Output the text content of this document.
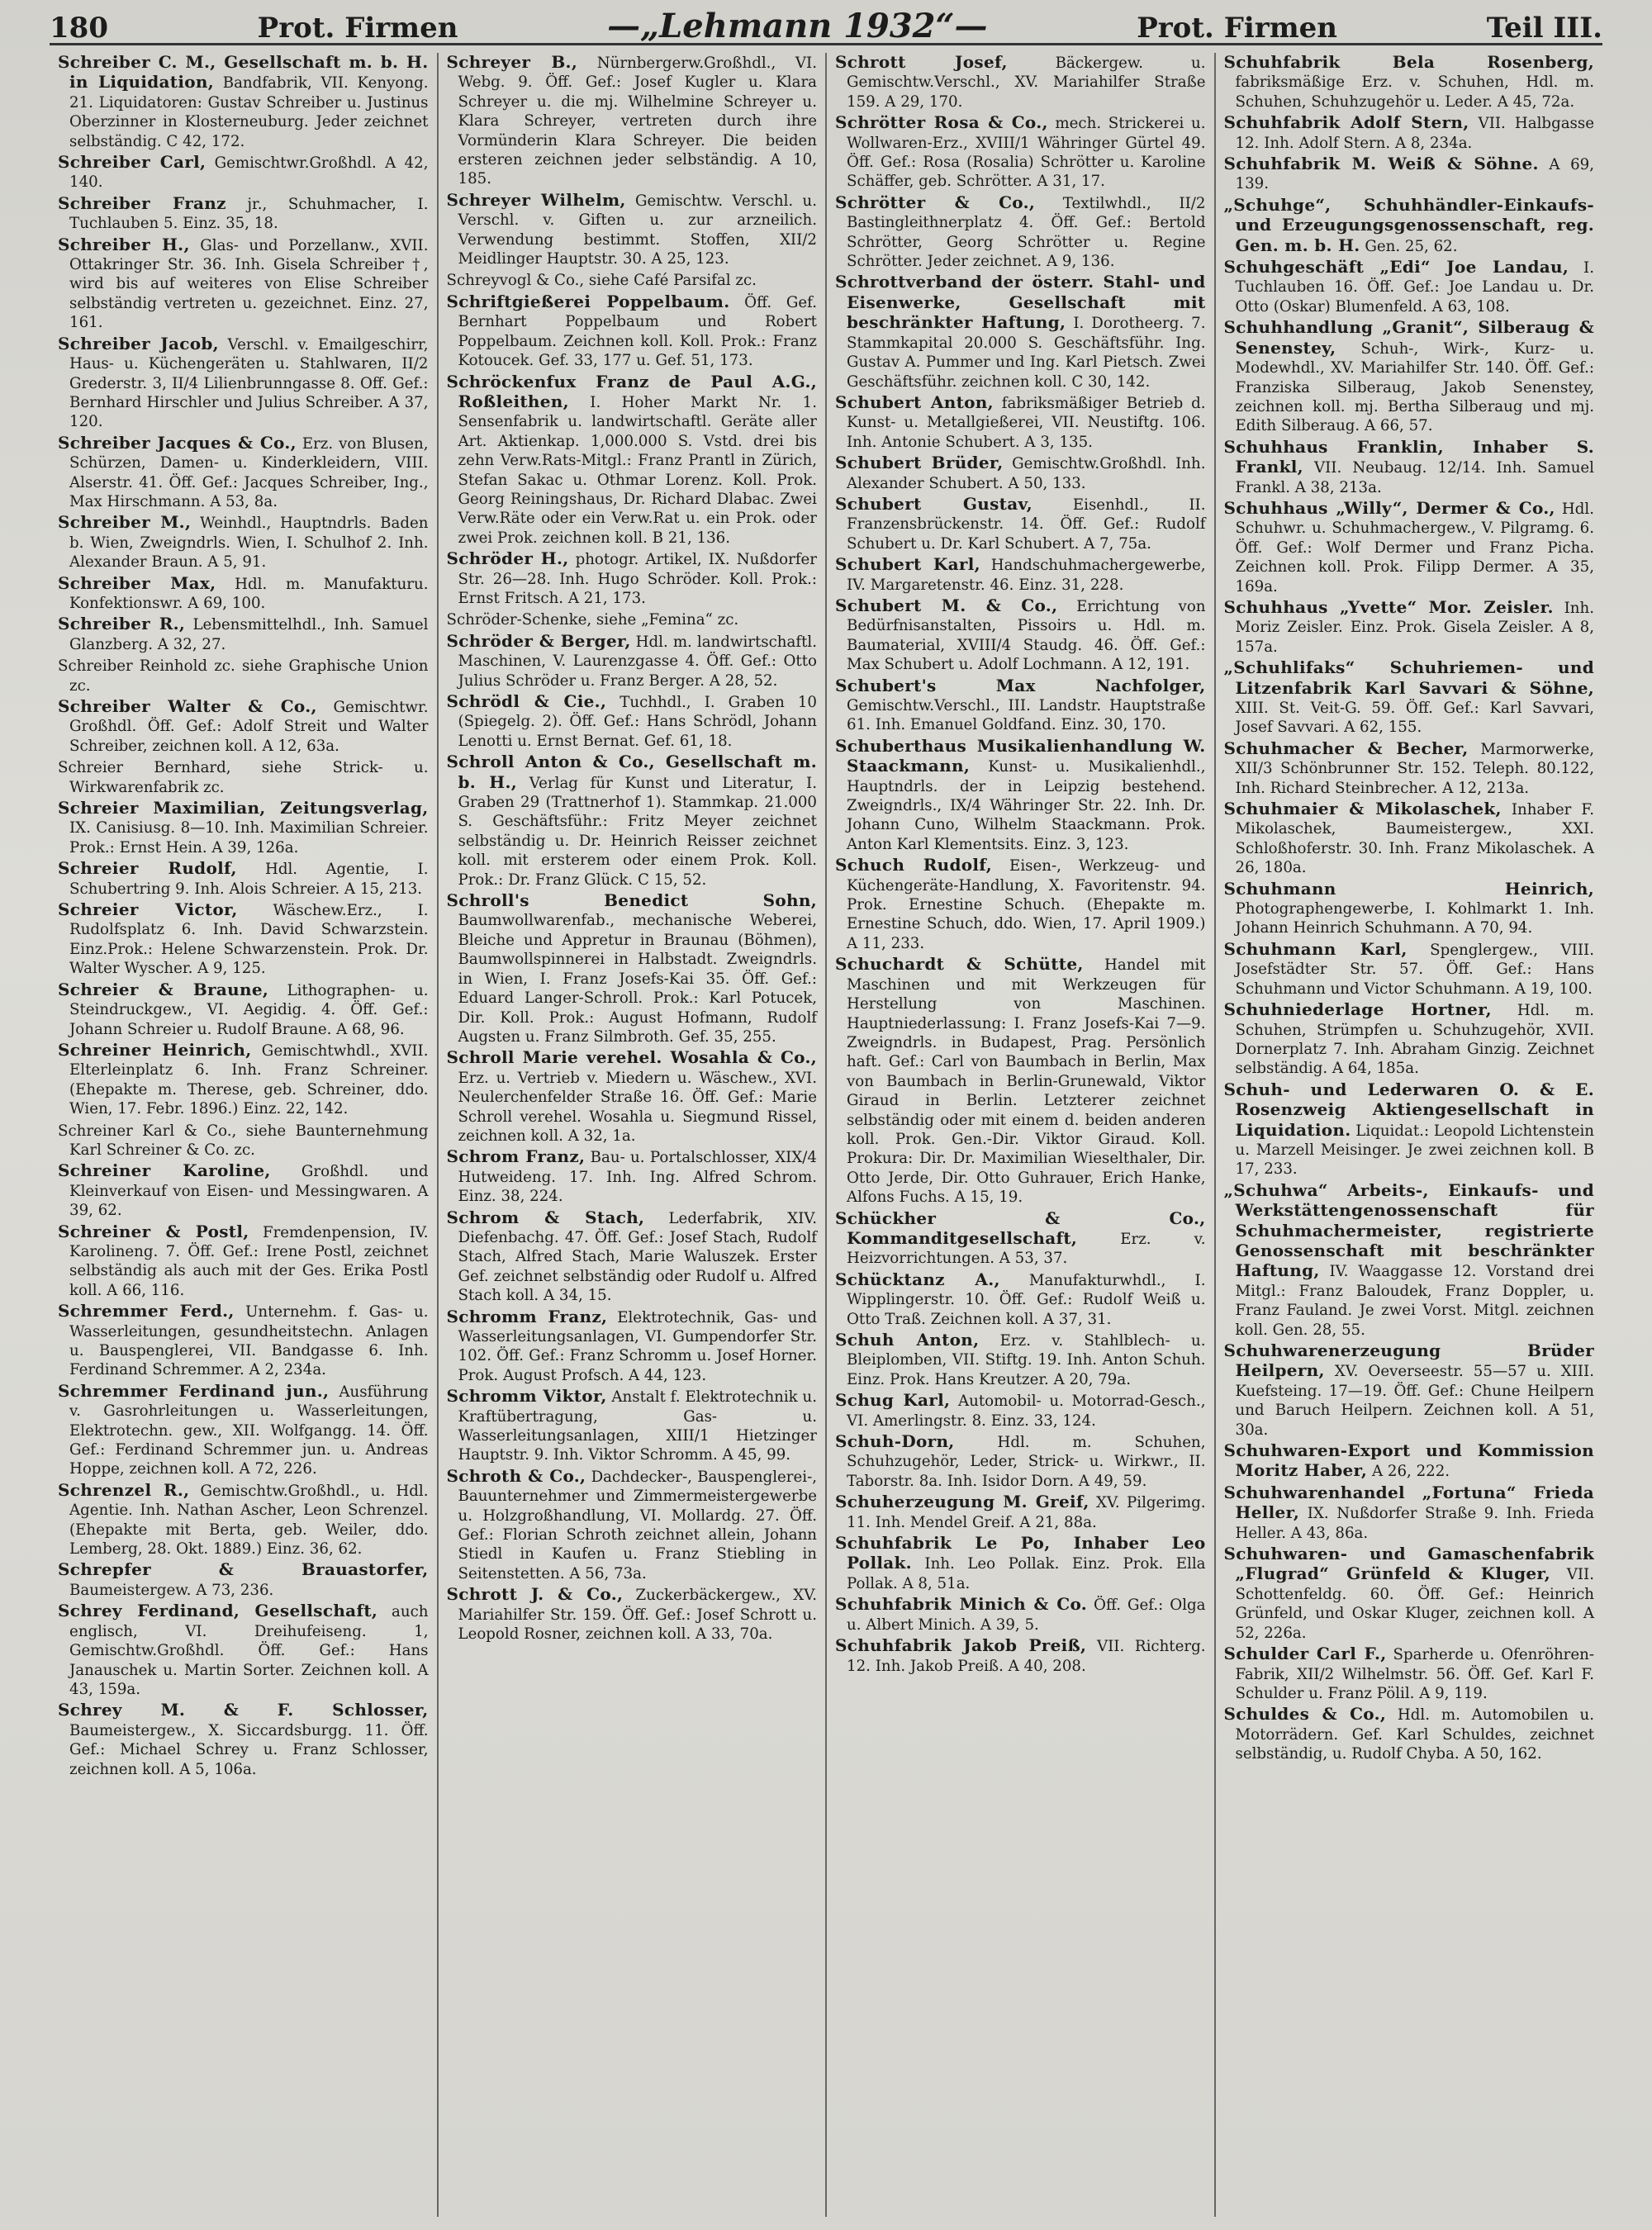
180	Prot. Firmen	—„Lehmann 1932“—	Prot. Firmen	Teil III.
Schreiber C. M., Gesellschaft m. b. H. in Liquidation, Bandfabrik, VII. Kenyong. 21. Liquidatoren: Gustav Schreiber u. Justinus Oberzinner in Klosterneuburg. Jeder zeichnet selbständig. C 42, 172.
Schreiber Carl, Gemischtwr.Großhdl. A 42, 140.
Schreiber Franz jr., Schuhmacher, I. Tuchlauben 5. Einz. 35, 18.
Schreiber H., Glas- und Porzellanw., XVII. Ottakringer Str. 36. Inh. Gisela Schreiber †, wird bis auf weiteres von Elise Schreiber selbständig vertreten u. gezeichnet. Einz. 27, 161.
Schreiber Jacob, Verschl. v. Emailgeschirr, Haus- u. Küchengeräten u. Stahlwaren, II/2 Grederstr. 3, II/4 Lilienbrunngasse 8. Off. Gef.: Bernhard Hirschler und Julius Schreiber. A 37, 120.
Schreiber Jacques & Co., Erz. von Blusen, Schürzen, Damen- u. Kinderkleidern, VIII. Alserstr. 41. Öff. Gef.: Jacques Schreiber, Ing., Max Hirschmann. A 53, 8a.
Schreiber M., Weinhdl., Hauptndrls. Baden b. Wien, Zweigndrls. Wien, I. Schulhof 2. Inh. Alexander Braun. A 5, 91.
Schreiber Max, Hdl. m. Manufakturu. Konfektionswr. A 69, 100.
Schreiber R., Lebensmittelhdl., Inh. Samuel Glanzberg. A 32, 27.
Schreiber Reinhold zc. siehe Graphische Union zc.
Schreiber Walter & Co., Gemischtwr. Großhdl. Öff. Gef.: Adolf Streit und Walter Schreiber, zeichnen koll. A 12, 63a.
Schreier Bernhard, siehe Strick- u. Wirkwarenfabrik zc.
Schreier Maximilian, Zeitungsverlag, IX. Canisiusg. 8—10. Inh. Maximilian Schreier. Prok.: Ernst Hein. A 39, 126a.
Schreier Rudolf, Hdl. Agentie, I. Schubertring 9. Inh. Alois Schreier. A 15, 213.
Schreier Victor, Wäschew.Erz., I. Rudolfsplatz 6. Inh. David Schwarzstein. Einz.Prok.: Helene Schwarzenstein. Prok. Dr. Walter Wyscher. A 9, 125.
Schreier & Braune, Lithographen- u. Steindruckgew., VI. Aegidig. 4. Öff. Gef.: Johann Schreier u. Rudolf Braune. A 68, 96.
Schreiner Heinrich, Gemischtwhdl., XVII. Elterleinplatz 6. Inh. Franz Schreiner. (Ehepakte m. Therese, geb. Schreiner, ddo. Wien, 17. Febr. 1896.) Einz. 22, 142.
Schreiner Karl & Co., siehe Baunternehmung Karl Schreiner & Co. zc.
Schreiner Karoline, Großhdl. und Kleinverkauf von Eisen- und Messingwaren. A 39, 62.
Schreiner & Postl, Fremdenpension, IV. Karolineng. 7. Öff. Gef.: Irene Postl, zeichnet selbständig als auch mit der Ges. Erika Postl koll. A 66, 116.
Schremmer Ferd., Unternehm. f. Gas- u. Wasserleitungen, gesundheitstechn. Anlagen u. Bauspenglerei, VII. Bandgasse 6. Inh. Ferdinand Schremmer. A 2, 234a.
Schremmer Ferdinand jun., Ausführung v. Gasrohrleitungen u. Wasserleitungen, Elektrotechn. gew., XII. Wolfgangg. 14. Öff. Gef.: Ferdinand Schremmer jun. u. Andreas Hoppe, zeichnen koll. A 72, 226.
Schrenzel R., Gemischtw.Großhdl., u. Hdl. Agentie. Inh. Nathan Ascher, Leon Schrenzel. (Ehepakte mit Berta, geb. Weiler, ddo. Lemberg, 28. Okt. 1889.) Einz. 36, 62.
Schrepfer & Brauastorfer, Baumeistergew. A 73, 236.
Schrey Ferdinand, Gesellschaft, auch englisch, VI. Dreihufeiseng. 1, Gemischtw.Großhdl. Öff. Gef.: Hans Janauschek u. Martin Sorter. Zeichnen koll. A 43, 159a.
Schrey M. & F. Schlosser, Baumeistergew., X. Siccardsburgg. 11. Öff. Gef.: Michael Schrey u. Franz Schlosser, zeichnen koll. A 5, 106a.
Schreyer B., Nürnbergerw.Großhdl., VI. Webg. 9. Öff. Gef.: Josef Kugler u. Klara Schreyer u. die mj. Wilhelmine Schreyer u. Klara Schreyer, vertreten durch ihre Vormünderin Klara Schreyer. Die beiden ersteren zeichnen jeder selbständig. A 10, 185.
Schreyer Wilhelm, Gemischtw. Verschl. u. Verschl. v. Giften u. zur arzneilich. Verwendung bestimmt. Stoffen, XII/2 Meidlinger Hauptstr. 30. A 25, 123.
Schreyvogl & Co., siehe Café Parsifal zc.
Schriftgießerei Poppelbaum. Öff. Gef. Bernhart Poppelbaum und Robert Poppelbaum. Zeichnen koll. Koll. Prok.: Franz Kotoucek. Gef. 33, 177 u. Gef. 51, 173.
Schröckenfux Franz de Paul A.G., Roßleithen, I. Hoher Markt Nr. 1. Sensenfabrik u. landwirtschaftl. Geräte aller Art. Aktienkap. 1,000.000 S. Vstd. drei bis zehn Verw.Rats-Mitgl.: Franz Prantl in Zürich, Stefan Sakac u. Othmar Lorenz. Koll. Prok. Georg Reiningshaus, Dr. Richard Dlabac. Zwei Verw.Räte oder ein Verw.Rat u. ein Prok. oder zwei Prok. zeichnen koll. B 21, 136.
Schröder H., photogr. Artikel, IX. Nußdorfer Str. 26—28. Inh. Hugo Schröder. Koll. Prok.: Ernst Fritsch. A 21, 173.
Schröder-Schenke, siehe „Femina“ zc.
Schröder & Berger, Hdl. m. landwirtschaftl. Maschinen, V. Laurenzgasse 4. Öff. Gef.: Otto Julius Schröder u. Franz Berger. A 28, 52.
Schrödl & Cie., Tuchhdl., I. Graben 10 (Spiegelg. 2). Öff. Gef.: Hans Schrödl, Johann Lenotti u. Ernst Bernat. Gef. 61, 18.
Schroll Anton & Co., Gesellschaft m. b. H., Verlag für Kunst und Literatur, I. Graben 29 (Trattnerhof 1). Stammkap. 21.000 S. Geschäftsführ.: Fritz Meyer zeichnet selbständig u. Dr. Heinrich Reisser zeichnet koll. mit ersterem oder einem Prok. Koll. Prok.: Dr. Franz Glück. C 15, 52.
Schroll's Benedict Sohn, Baumwollwarenfab., mechanische Weberei, Bleiche und Appretur in Braunau (Böhmen), Baumwollspinnerei in Halbstadt. Zweigndrls. in Wien, I. Franz Josefs-Kai 35. Öff. Gef.: Eduard Langer-Schroll. Prok.: Karl Potucek, Dir. Koll. Prok.: August Hofmann, Rudolf Augsten u. Franz Silmbroth. Gef. 35, 255.
Schroll Marie verehel. Wosahla & Co., Erz. u. Vertrieb v. Miedern u. Wäschew., XVI. Neulerchenfelder Straße 16. Öff. Gef.: Marie Schroll verehel. Wosahla u. Siegmund Rissel, zeichnen koll. A 32, 1a.
Schrom Franz, Bau- u. Portalschlosser, XIX/4 Hutweideng. 17. Inh. Ing. Alfred Schrom. Einz. 38, 224.
Schrom & Stach, Lederfabrik, XIV. Diefenbachg. 47. Öff. Gef.: Josef Stach, Rudolf Stach, Alfred Stach, Marie Waluszek. Erster Gef. zeichnet selbständig oder Rudolf u. Alfred Stach koll. A 34, 15.
Schromm Franz, Elektrotechnik, Gas- und Wasserleitungsanlagen, VI. Gumpendorfer Str. 102. Öff. Gef.: Franz Schromm u. Josef Horner. Prok. August Profsch. A 44, 123.
Schromm Viktor, Anstalt f. Elektrotechnik u. Kraftübertragung, Gas- u. Wasserleitungsanlagen, XIII/1 Hietzinger Hauptstr. 9. Inh. Viktor Schromm. A 45, 99.
Schroth & Co., Dachdecker-, Bauspenglerei-, Bauunternehmer und Zimmermeistergewerbe u. Holzgroßhandlung, VI. Mollardg. 27. Öff. Gef.: Florian Schroth zeichnet allein, Johann Stiedl in Kaufen u. Franz Stiebling in Seitenstetten. A 56, 73a.
Schrott J. & Co., Zuckerbäckergew., XV. Mariahilfer Str. 159. Öff. Gef.: Josef Schrott u. Leopold Rosner, zeichnen koll. A 33, 70a.
Schrott Josef, Bäckergew. u. Gemischtw.Verschl., XV. Mariahilfer Straße 159. A 29, 170.
Schrötter Rosa & Co., mech. Strickerei u. Wollwaren-Erz., XVIII/1 Währinger Gürtel 49. Öff. Gef.: Rosa (Rosalia) Schrötter u. Karoline Schäffer, geb. Schrötter. A 31, 17.
Schrötter & Co., Textilwhdl., II/2 Bastingleithnerplatz 4. Öff. Gef.: Bertold Schrötter, Georg Schrötter u. Regine Schrötter. Jeder zeichnet. A 9, 136.
Schrottverband der österr. Stahl- und Eisenwerke, Gesellschaft mit beschränkter Haftung, I. Dorotheerg. 7. Stammkapital 20.000 S. Geschäftsführ. Ing. Gustav A. Pummer und Ing. Karl Pietsch. Zwei Geschäftsführ. zeichnen koll. C 30, 142.
Schubert Anton, fabriksmäßiger Betrieb d. Kunst- u. Metallgießerei, VII. Neustiftg. 106. Inh. Antonie Schubert. A 3, 135.
Schubert Brüder, Gemischtw.Großhdl. Inh. Alexander Schubert. A 50, 133.
Schubert Gustav, Eisenhdl., II. Franzensbrückenstr. 14. Öff. Gef.: Rudolf Schubert u. Dr. Karl Schubert. A 7, 75a.
Schubert Karl, Handschuhmachergewerbe, IV. Margaretenstr. 46. Einz. 31, 228.
Schubert M. & Co., Errichtung von Bedürfnisanstalten, Pissoirs u. Hdl. m. Baumaterial, XVIII/4 Staudg. 46. Öff. Gef.: Max Schubert u. Adolf Lochmann. A 12, 191.
Schubert's Max Nachfolger, Gemischtw.Verschl., III. Landstr. Hauptstraße 61. Inh. Emanuel Goldfand. Einz. 30, 170.
Schuberthaus Musikalienhandlung W. Staackmann, Kunst- u. Musikalienhdl., Hauptndrls. der in Leipzig bestehend. Zweigndrls., IX/4 Währinger Str. 22. Inh. Dr. Johann Cuno, Wilhelm Staackmann. Prok. Anton Karl Klementsits. Einz. 3, 123.
Schuch Rudolf, Eisen-, Werkzeug- und Küchengeräte-Handlung, X. Favoritenstr. 94. Prok. Ernestine Schuch. (Ehepakte m. Ernestine Schuch, ddo. Wien, 17. April 1909.) A 11, 233.
Schuchardt & Schütte, Handel mit Maschinen und mit Werkzeugen für Herstellung von Maschinen. Hauptniederlassung: I. Franz Josefs-Kai 7—9. Zweigndrls. in Budapest, Prag. Persönlich haft. Gef.: Carl von Baumbach in Berlin, Max von Baumbach in Berlin-Grunewald, Viktor Giraud in Berlin. Letzterer zeichnet selbständig oder mit einem d. beiden anderen koll. Prok. Gen.-Dir. Viktor Giraud. Koll. Prokura: Dir. Dr. Maximilian Wieselthaler, Dir. Otto Jerde, Dir. Otto Guhrauer, Erich Hanke, Alfons Fuchs. A 15, 19.
Schückher & Co., Kommanditgesellschaft, Erz. v. Heizvorrichtungen. A 53, 37.
Schücktanz A., Manufakturwhdl., I. Wipplingerstr. 10. Öff. Gef.: Rudolf Weiß u. Otto Traß. Zeichnen koll. A 37, 31.
Schuh Anton, Erz. v. Stahlblech- u. Bleiplomben, VII. Stiftg. 19. Inh. Anton Schuh. Einz. Prok. Hans Kreutzer. A 20, 79a.
Schug Karl, Automobil- u. Motorrad-Gesch., VI. Amerlingstr. 8. Einz. 33, 124.
Schuh-Dorn, Hdl. m. Schuhen, Schuhzugehör, Leder, Strick- u. Wirkwr., II. Taborstr. 8a. Inh. Isidor Dorn. A 49, 59.
Schuherzeugung M. Greif, XV. Pilgerimg. 11. Inh. Mendel Greif. A 21, 88a.
Schuhfabrik Le Po, Inhaber Leo Pollak. Inh. Leo Pollak. Einz. Prok. Ella Pollak. A 8, 51a.
Schuhfabrik Minich & Co. Öff. Gef.: Olga u. Albert Minich. A 39, 5.
Schuhfabrik Jakob Preiß, VII. Richterg. 12. Inh. Jakob Preiß. A 40, 208.
Schuhfabrik Bela Rosenberg, fabriksmäßige Erz. v. Schuhen, Hdl. m. Schuhen, Schuhzugehör u. Leder. A 45, 72a.
Schuhfabrik Adolf Stern, VII. Halbgasse 12. Inh. Adolf Stern. A 8, 234a.
Schuhfabrik M. Weiß & Söhne. A 69, 139.
„Schuhge“, Schuhhändler-Einkaufs- und Erzeugungsgenossenschaft, reg. Gen. m. b. H. Gen. 25, 62.
Schuhgeschäft „Edi“ Joe Landau, I. Tuchlauben 16. Öff. Gef.: Joe Landau u. Dr. Otto (Oskar) Blumenfeld. A 63, 108.
Schuhhandlung „Granit“, Silberaug & Senenstey, Schuh-, Wirk-, Kurz- u. Modewhdl., XV. Mariahilfer Str. 140. Öff. Gef.: Franziska Silberaug, Jakob Senenstey, zeichnen koll. mj. Bertha Silberaug und mj. Edith Silberaug. A 66, 57.
Schuhhaus Franklin, Inhaber S. Frankl, VII. Neubaug. 12/14. Inh. Samuel Frankl. A 38, 213a.
Schuhhaus „Willy“, Dermer & Co., Hdl. Schuhwr. u. Schuhmachergew., V. Pilgramg. 6. Öff. Gef.: Wolf Dermer und Franz Picha. Zeichnen koll. Prok. Filipp Dermer. A 35, 169a.
Schuhhaus „Yvette“ Mor. Zeisler. Inh. Moriz Zeisler. Einz. Prok. Gisela Zeisler. A 8, 157a.
„Schuhlifaks“ Schuhriemen- und Litzenfabrik Karl Savvari & Söhne, XIII. St. Veit-G. 59. Öff. Gef.: Karl Savvari, Josef Savvari. A 62, 155.
Schuhmacher & Becher, Marmorwerke, XII/3 Schönbrunner Str. 152. Teleph. 80.122, Inh. Richard Steinbrecher. A 12, 213a.
Schuhmaier & Mikolaschek, Inhaber F. Mikolaschek, Baumeistergew., XXI. Schloßhoferstr. 30. Inh. Franz Mikolaschek. A 26, 180a.
Schuhmann Heinrich, Photographengewerbe, I. Kohlmarkt 1. Inh. Johann Heinrich Schuhmann. A 70, 94.
Schuhmann Karl, Spenglergew., VIII. Josefstädter Str. 57. Öff. Gef.: Hans Schuhmann und Victor Schuhmann. A 19, 100.
Schuhniederlage Hortner, Hdl. m. Schuhen, Strümpfen u. Schuhzugehör, XVII. Dornerplatz 7. Inh. Abraham Ginzig. Zeichnet selbständig. A 64, 185a.
Schuh- und Lederwaren O. & E. Rosenzweig Aktiengesellschaft in Liquidation. Liquidat.: Leopold Lichtenstein u. Marzell Meisinger. Je zwei zeichnen koll. B 17, 233.
„Schuhwa“ Arbeits-, Einkaufs- und Werkstättengenossenschaft für Schuhmachermeister, registrierte Genossenschaft mit beschränkter Haftung, IV. Waaggasse 12. Vorstand drei Mitgl.: Franz Baloudek, Franz Doppler, u. Franz Fauland. Je zwei Vorst. Mitgl. zeichnen koll. Gen. 28, 55.
Schuhwarenerzeugung Brüder Heilpern, XV. Oeverseestr. 55—57 u. XIII. Kuefsteing. 17—19. Öff. Gef.: Chune Heilpern und Baruch Heilpern. Zeichnen koll. A 51, 30a.
Schuhwaren-Export und Kommission Moritz Haber, A 26, 222.
Schuhwarenhandel „Fortuna“ Frieda Heller, IX. Nußdorfer Straße 9. Inh. Frieda Heller. A 43, 86a.
Schuhwaren- und Gamaschenfabrik „Flugrad“ Grünfeld & Kluger, VII. Schottenfeldg. 60. Öff. Gef.: Heinrich Grünfeld, und Oskar Kluger, zeichnen koll. A 52, 226a.
Schulder Carl F., Sparherde u. Ofenröhren-Fabrik, XII/2 Wilhelmstr. 56. Öff. Gef. Karl F. Schulder u. Franz Pölil. A 9, 119.
Schuldes & Co., Hdl. m. Automobilen u. Motorrädern. Gef. Karl Schuldes, zeichnet selbständig, u. Rudolf Chyba. A 50, 162.
